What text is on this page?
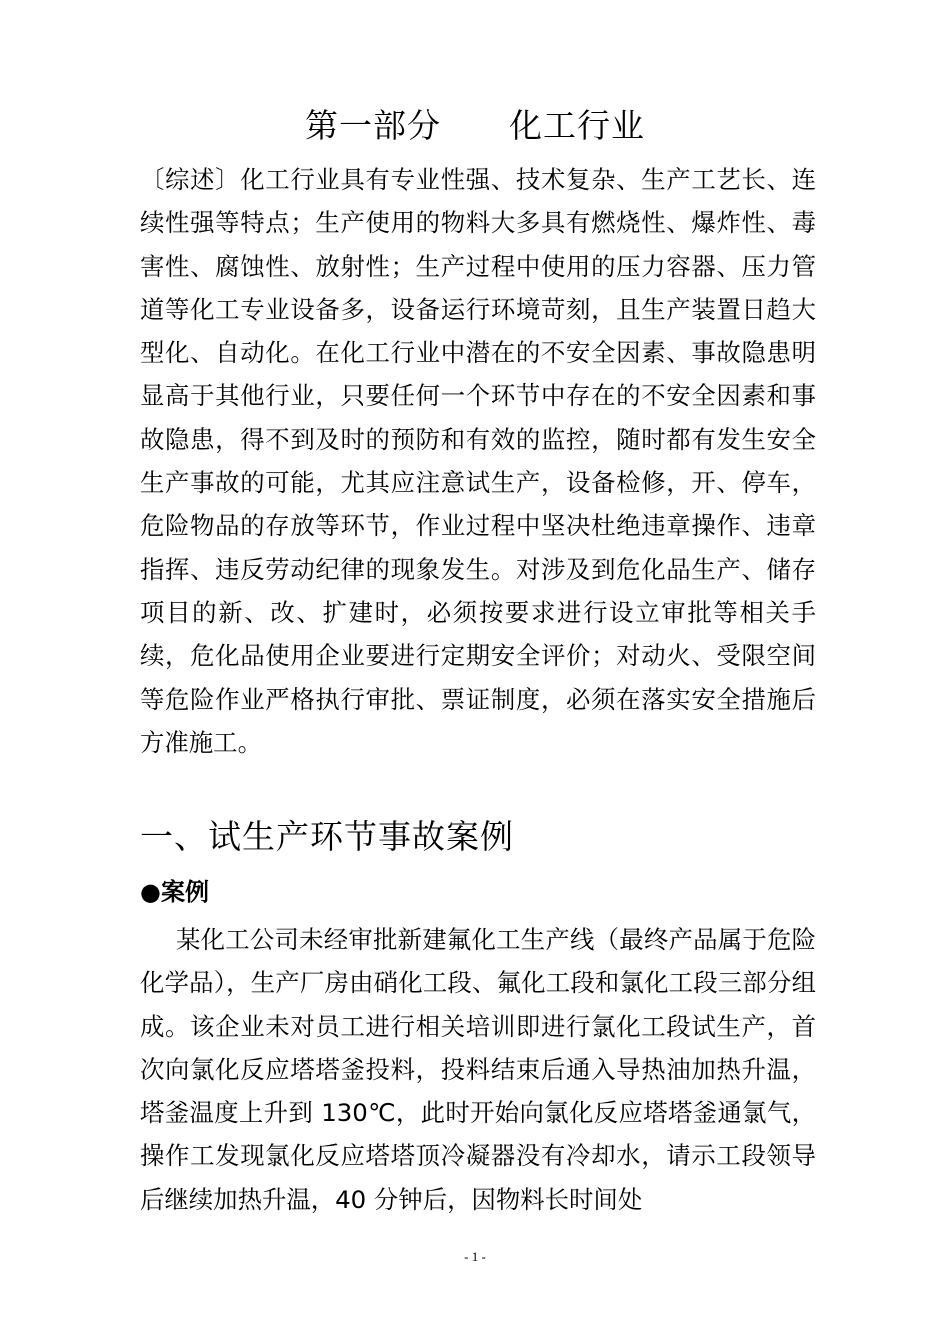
第一部分　　化工行业

〔综述〕化工行业具有专业性强、技术复杂、生产工艺长、连续性强等特点；生产使用的物料大多具有燃烧性、爆炸性、毒害性、腐蚀性、放射性；生产过程中使用的压力容器、压力管道等化工专业设备多，设备运行环境苛刻，且生产装置日趋大型化、自动化。在化工行业中潜在的不安全因素、事故隐患明显高于其他行业，只要任何一个环节中存在的不安全因素和事故隐患，得不到及时的预防和有效的监控，随时都有发生安全生产事故的可能，尤其应注意试生产，设备检修，开、停车，危险物品的存放等环节，作业过程中坚决杜绝违章操作、违章指挥、违反劳动纪律的现象发生。对涉及到危化品生产、储存项目的新、改、扩建时，必须按要求进行设立审批等相关手续，危化品使用企业要进行定期安全评价；对动火、受限空间等危险作业严格执行审批、票证制度，必须在落实安全措施后方准施工。

一、试生产环节事故案例

●案例

某化工公司未经审批新建氟化工生产线（最终产品属于危险化学品），生产厂房由硝化工段、氟化工段和氯化工段三部分组成。该企业未对员工进行相关培训即进行氯化工段试生产，首次向氯化反应塔塔釜投料，投料结束后通入导热油加热升温，塔釜温度上升到 130℃，此时开始向氯化反应塔塔釜通氯气，操作工发现氯化反应塔塔顶冷凝器没有冷却水，请示工段领导后继续加热升温，40 分钟后，因物料长时间处

- 1 -
